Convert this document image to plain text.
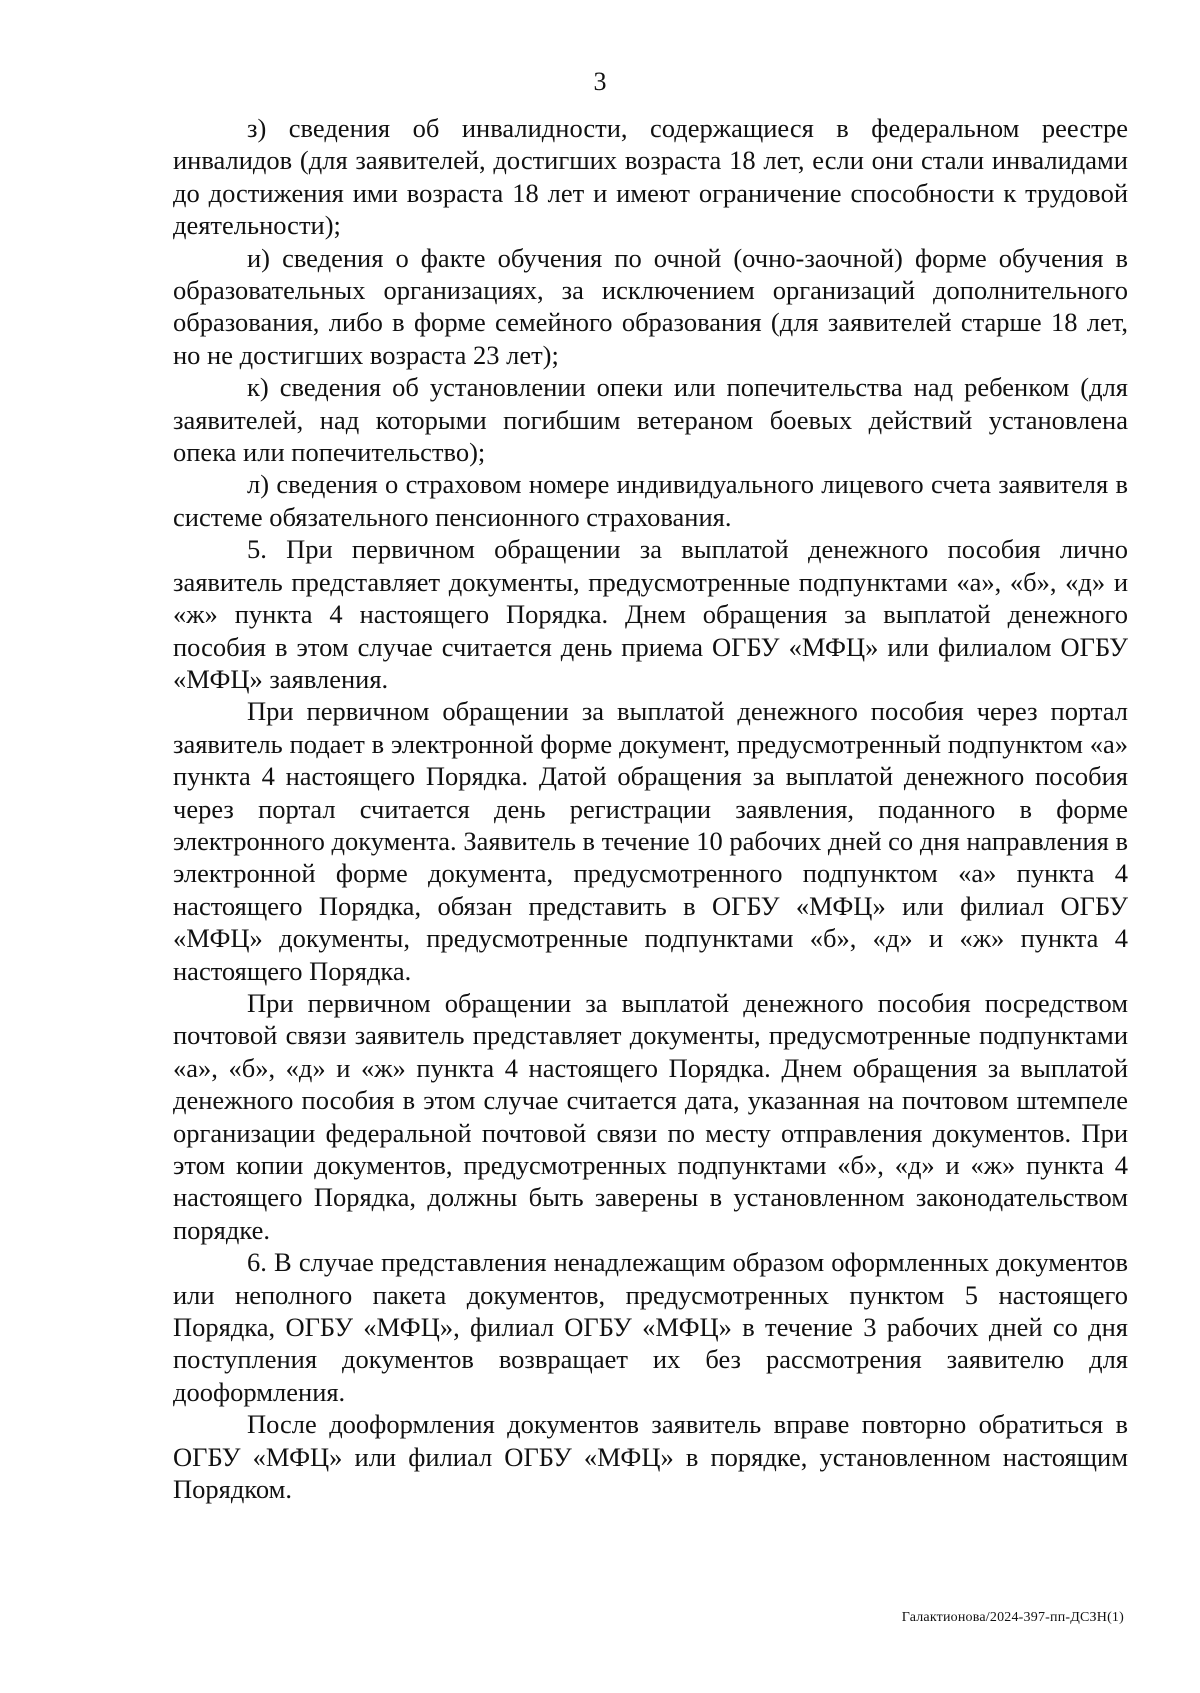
3

з) сведения об инвалидности, содержащиеся в федеральном реестре инвалидов (для заявителей, достигших возраста 18 лет, если они стали инвалидами до достижения ими возраста 18 лет и имеют ограничение способности к трудовой деятельности);

и) сведения о факте обучения по очной (очно-заочной) форме обучения в образовательных организациях, за исключением организаций дополнительного образования, либо в форме семейного образования (для заявителей старше 18 лет, но не достигших возраста 23 лет);

к) сведения об установлении опеки или попечительства над ребенком (для заявителей, над которыми погибшим ветераном боевых действий установлена опека или попечительство);

л) сведения о страховом номере индивидуального лицевого счета заявителя в системе обязательного пенсионного страхования.

5. При первичном обращении за выплатой денежного пособия лично заявитель представляет документы, предусмотренные подпунктами «а», «б», «д» и «ж» пункта 4 настоящего Порядка. Днем обращения за выплатой денежного пособия в этом случае считается день приема ОГБУ «МФЦ» или филиалом ОГБУ «МФЦ» заявления.

При первичном обращении за выплатой денежного пособия через портал заявитель подает в электронной форме документ, предусмотренный подпунктом «а» пункта 4 настоящего Порядка. Датой обращения за выплатой денежного пособия через портал считается день регистрации заявления, поданного в форме электронного документа. Заявитель в течение 10 рабочих дней со дня направления в электронной форме документа, предусмотренного подпунктом «а» пункта 4 настоящего Порядка, обязан представить в ОГБУ «МФЦ» или филиал ОГБУ «МФЦ» документы, предусмотренные подпунктами «б», «д» и «ж» пункта 4 настоящего Порядка.

При первичном обращении за выплатой денежного пособия посредством почтовой связи заявитель представляет документы, предусмотренные подпунктами «а», «б», «д» и «ж» пункта 4 настоящего Порядка. Днем обращения за выплатой денежного пособия в этом случае считается дата, указанная на почтовом штемпеле организации федеральной почтовой связи по месту отправления документов. При этом копии документов, предусмотренных подпунктами «б», «д» и «ж» пункта 4 настоящего Порядка, должны быть заверены в установленном законодательством порядке.

6. В случае представления ненадлежащим образом оформленных документов или неполного пакета документов, предусмотренных пунктом 5 настоящего Порядка, ОГБУ «МФЦ», филиал ОГБУ «МФЦ» в течение 3 рабочих дней со дня поступления документов возвращает их без рассмотрения заявителю для дооформления.

После дооформления документов заявитель вправе повторно обратиться в ОГБУ «МФЦ» или филиал ОГБУ «МФЦ» в порядке, установленном настоящим Порядком.

Галактионова/2024-397-пп-ДСЗН(1)
